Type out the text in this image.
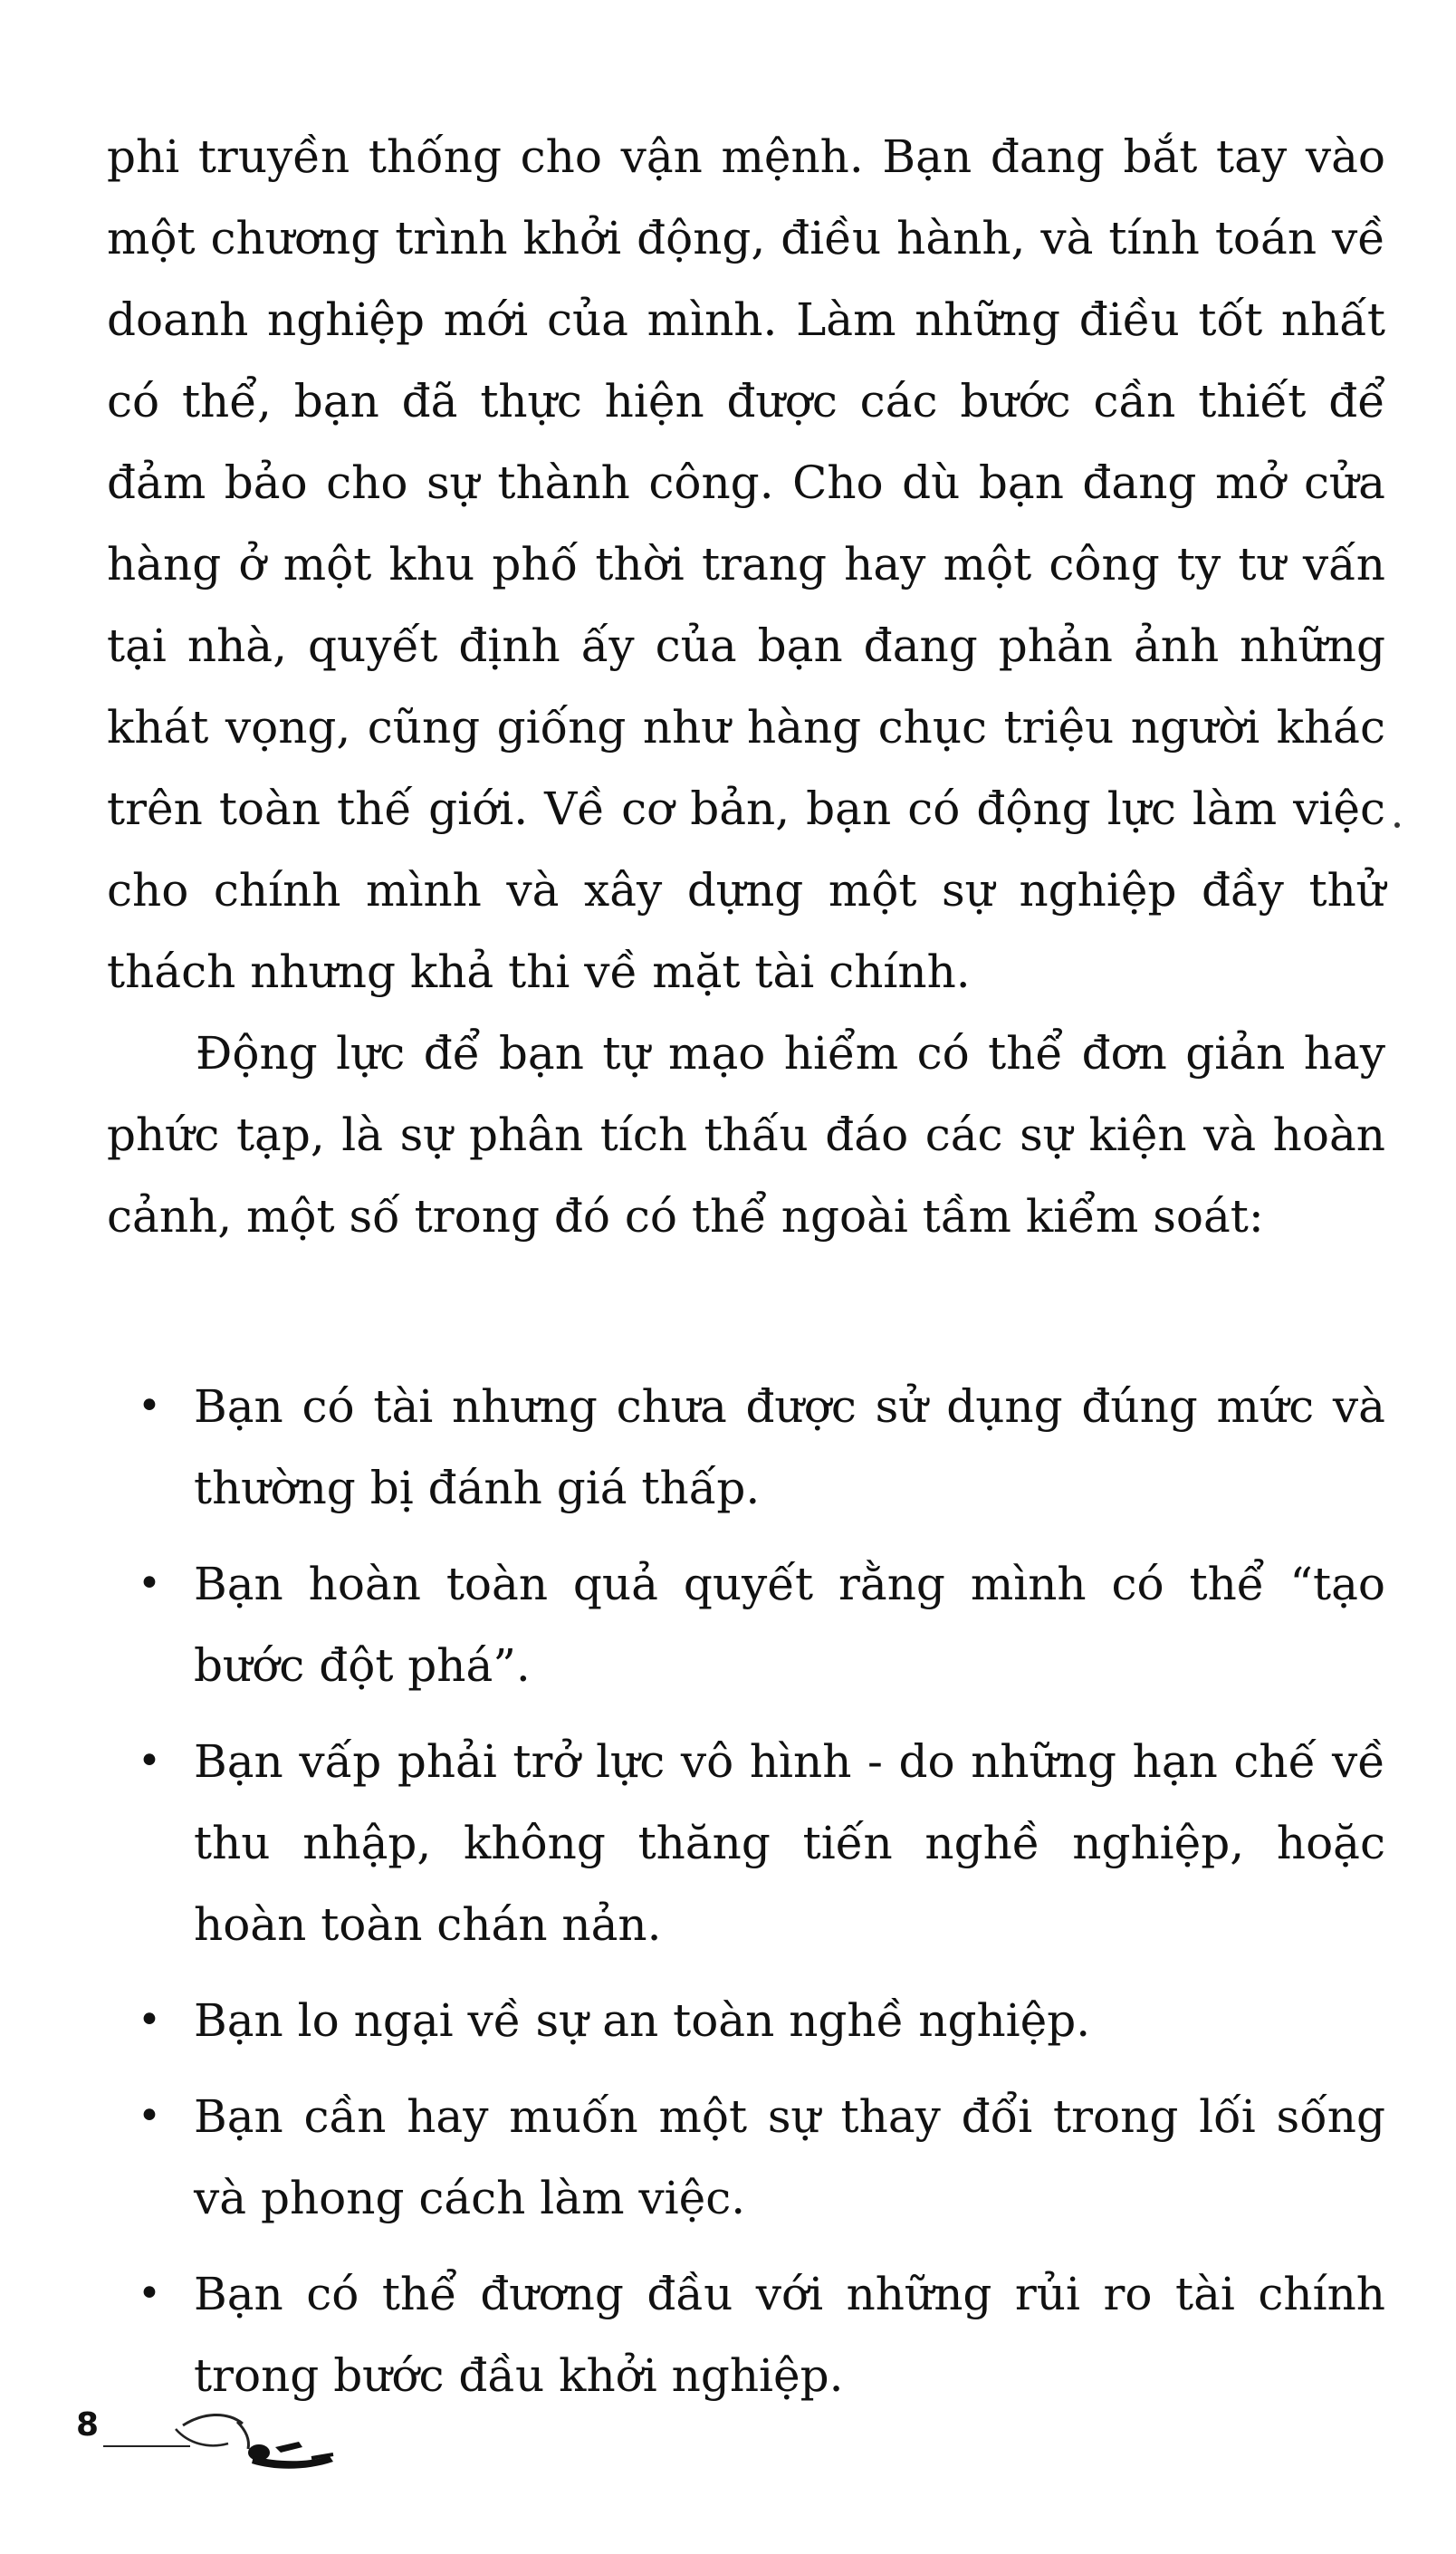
phi truyền thống cho vận mệnh. Bạn đang bắt tay vào một chương trình khởi động, điều hành, và tính toán về doanh nghiệp mới của mình. Làm những điều tốt nhất có thể, bạn đã thực hiện được các bước cần thiết để đảm bảo cho sự thành công. Cho dù bạn đang mở cửa hàng ở một khu phố thời trang hay một công ty tư vấn tại nhà, quyết định ấy của bạn đang phản ảnh những khát vọng, cũng giống như hàng chục triệu người khác trên toàn thế giới. Về cơ bản, bạn có động lực làm việc cho chính mình và xây dựng một sự nghiệp đầy thử thách nhưng khả thi về mặt tài chính.

Động lực để bạn tự mạo hiểm có thể đơn giản hay phức tạp, là sự phân tích thấu đáo các sự kiện và hoàn cảnh, một số trong đó có thể ngoài tầm kiểm soát:

• Bạn có tài nhưng chưa được sử dụng đúng mức và thường bị đánh giá thấp.
• Bạn hoàn toàn quả quyết rằng mình có thể “tạo bước đột phá”.
• Bạn vấp phải trở lực vô hình - do những hạn chế về thu nhập, không thăng tiến nghề nghiệp, hoặc hoàn toàn chán nản.
• Bạn lo ngại về sự an toàn nghề nghiệp.
• Bạn cần hay muốn một sự thay đổi trong lối sống và phong cách làm việc.
• Bạn có thể đương đầu với những rủi ro tài chính trong bước đầu khởi nghiệp.
8
